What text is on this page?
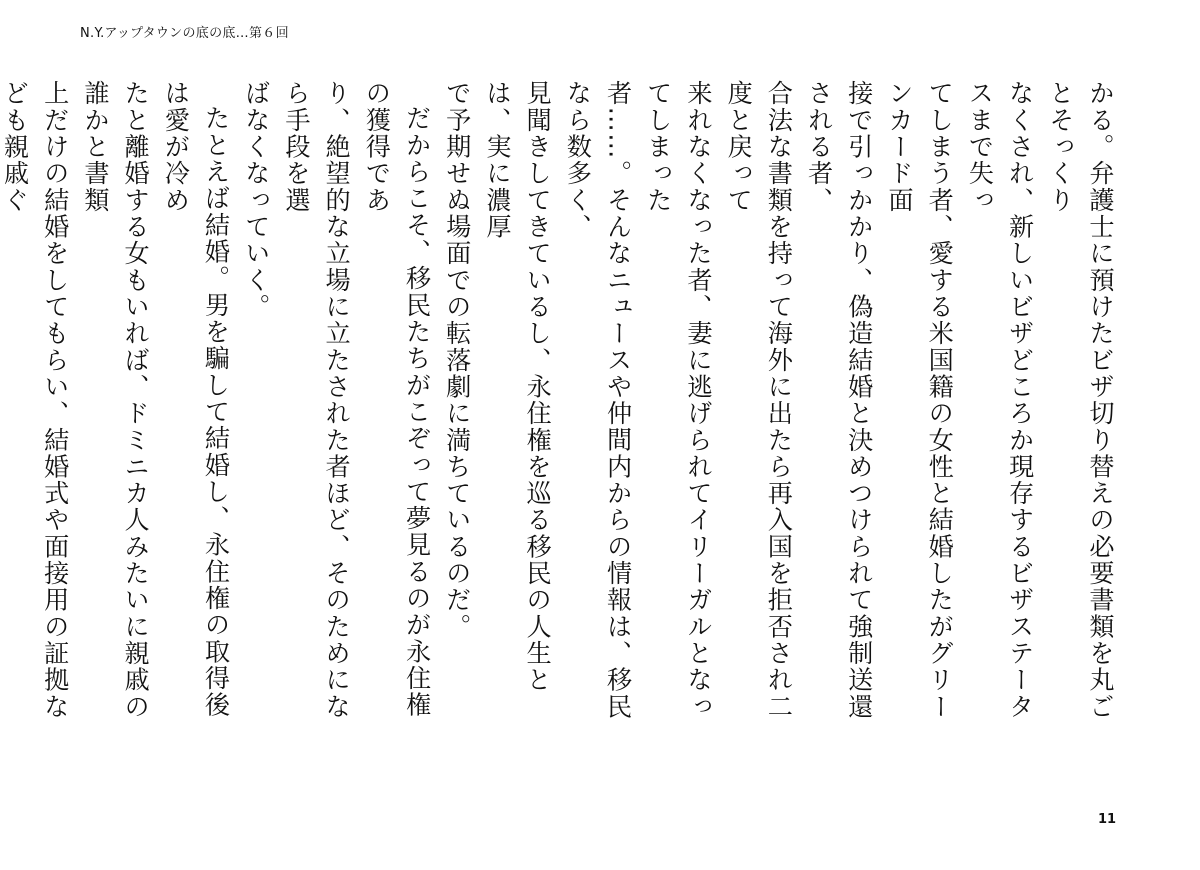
N.Y.アップタウンの底の底…第６回

かる。弁護士に預けたビザ切り替えの必要書類を丸ごとそっくり
なくされ、新しいビザどころか現存するビザステータスまで失っ
てしまう者、愛する米国籍の女性と結婚したがグリーンカード面
接で引っかかり、偽造結婚と決めつけられて強制送還される者、
合法な書類を持って海外に出たら再入国を拒否され二度と戻って
来れなくなった者、妻に逃げられてイリーガルとなってしまった
者……。そんなニュースや仲間内からの情報は、移民なら数多く、
見聞きしてきているし、永住権を巡る移民の人生とは、実に濃厚
で予期せぬ場面での転落劇に満ちているのだ。

だからこそ、移民たちがこぞって夢見るのが永住権の獲得であ
り、絶望的な立場に立たされた者ほど、そのためになら手段を選
ばなくなっていく。

たとえば結婚。男を騙して結婚し、永住権の取得後は愛が冷め
たと離婚する女もいれば、ドミニカ人みたいに親戚の誰かと書類
上だけの結婚をしてもらい、結婚式や面接用の証拠なども親戚ぐ

11
